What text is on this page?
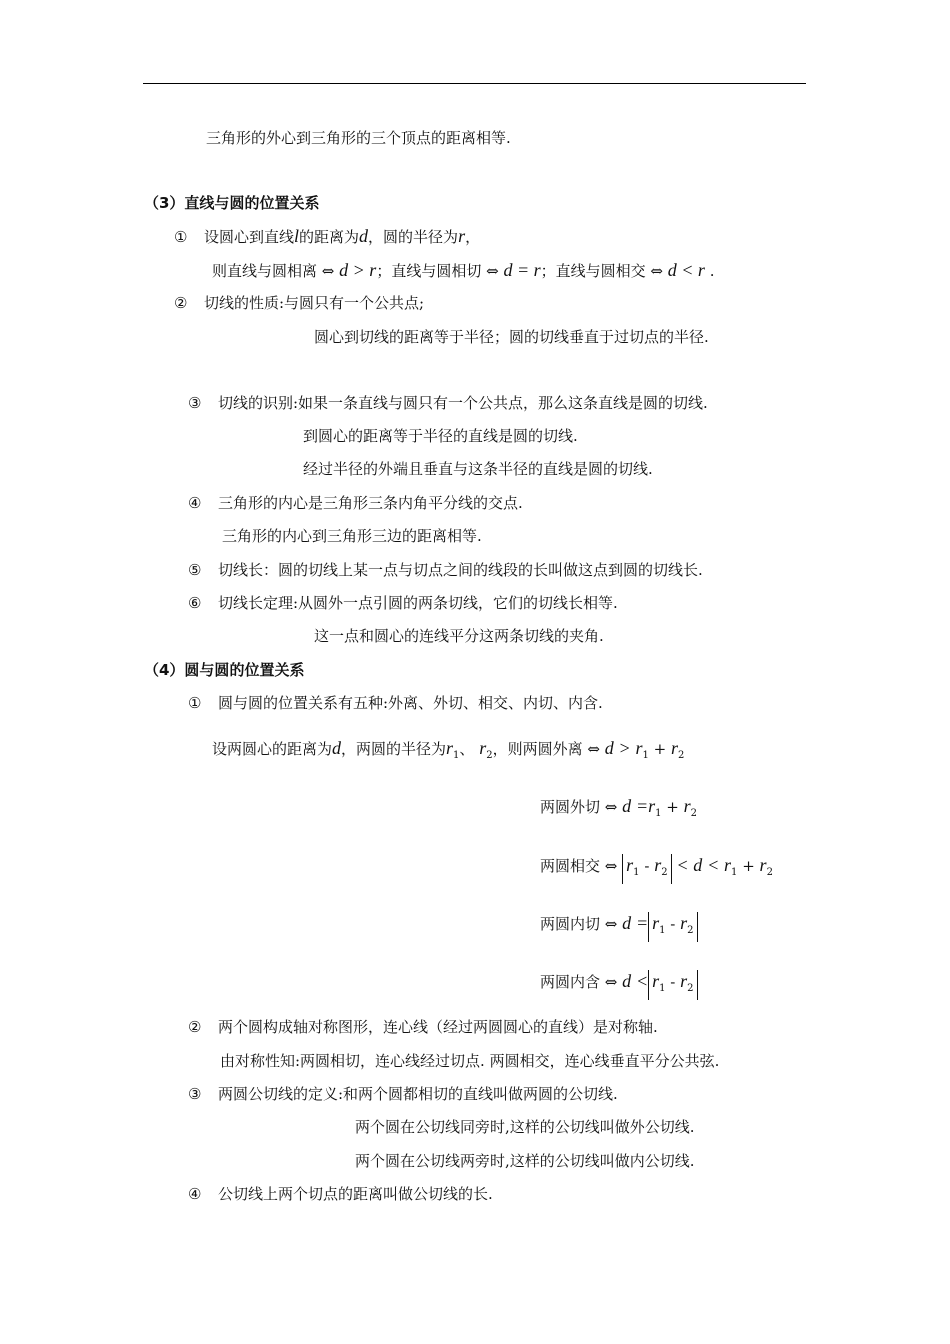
三角形的外心到三角形的三个顶点的距离相等.
（3）直线与圆的位置关系
① 设圆心到直线l的距离为d，圆的半径为r，
则直线与圆相离 ⇔ d > r；直线与圆相切 ⇔ d = r；直线与圆相交 ⇔ d < r .
② 切线的性质:与圆只有一个公共点;
圆心到切线的距离等于半径；圆的切线垂直于过切点的半径.
③ 切线的识别:如果一条直线与圆只有一个公共点，那么这条直线是圆的切线.
到圆心的距离等于半径的直线是圆的切线.
经过半径的外端且垂直与这条半径的直线是圆的切线.
④ 三角形的内心是三角形三条内角平分线的交点.
三角形的内心到三角形三边的距离相等.
⑤ 切线长：圆的切线上某一点与切点之间的线段的长叫做这点到圆的切线长.
⑥ 切线长定理:从圆外一点引圆的两条切线，它们的切线长相等.
这一点和圆心的连线平分这两条切线的夹角.
（4）圆与圆的位置关系
① 圆与圆的位置关系有五种:外离、外切、相交、内切、内含.
设两圆心的距离为d，两圆的半径为$r_1$、 $r_2$，则两圆外离 ⇔ $d > r_1 + r_2$
两圆外切 ⇔ $d =r_1 + r_2$
两圆相交 ⇔ $r_1 - r_2 < d < r_1 + r_2$
两圆内切 ⇔ $d = r_1 - r_2$
两圆内含 ⇔ $d < r_1 - r_2$
② 两个圆构成轴对称图形，连心线（经过两圆圆心的直线）是对称轴.
由对称性知:两圆相切，连心线经过切点. 两圆相交，连心线垂直平分公共弦.
③ 两圆公切线的定义:和两个圆都相切的直线叫做两圆的公切线.
两个圆在公切线同旁时,这样的公切线叫做外公切线.
两个圆在公切线两旁时,这样的公切线叫做内公切线.
④ 公切线上两个切点的距离叫做公切线的长.
